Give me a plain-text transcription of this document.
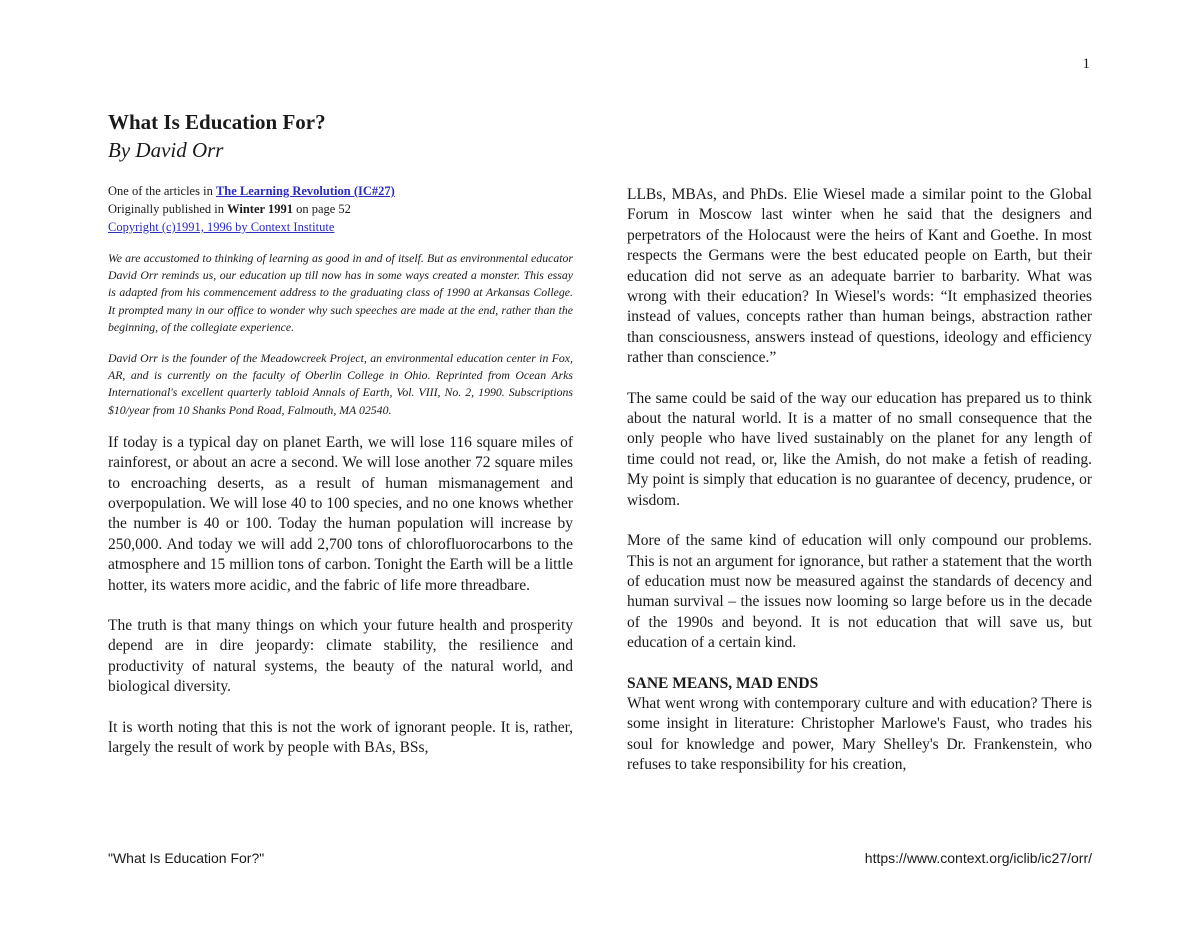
1
What Is Education For?
By David Orr
One of the articles in The Learning Revolution (IC#27)
Originally published in Winter 1991 on page 52
Copyright (c)1991, 1996 by Context Institute

We are accustomed to thinking of learning as good in and of itself. But as environmental educator David Orr reminds us, our education up till now has in some ways created a monster. This essay is adapted from his commencement address to the graduating class of 1990 at Arkansas College. It prompted many in our office to wonder why such speeches are made at the end, rather than the beginning, of the collegiate experience.

David Orr is the founder of the Meadowcreek Project, an environmental education center in Fox, AR, and is currently on the faculty of Oberlin College in Ohio. Reprinted from Ocean Arks International's excellent quarterly tabloid Annals of Earth, Vol. VIII, No. 2, 1990. Subscriptions $10/year from 10 Shanks Pond Road, Falmouth, MA 02540.

If today is a typical day on planet Earth, we will lose 116 square miles of rainforest, or about an acre a second. We will lose another 72 square miles to encroaching deserts, as a result of human mismanagement and overpopulation. We will lose 40 to 100 species, and no one knows whether the number is 40 or 100. Today the human population will increase by 250,000. And today we will add 2,700 tons of chlorofluorocarbons to the atmosphere and 15 million tons of carbon. Tonight the Earth will be a little hotter, its waters more acidic, and the fabric of life more threadbare.

The truth is that many things on which your future health and prosperity depend are in dire jeopardy: climate stability, the resilience and productivity of natural systems, the beauty of the natural world, and biological diversity.

It is worth noting that this is not the work of ignorant people. It is, rather, largely the result of work by people with BAs, BSs,

LLBs, MBAs, and PhDs. Elie Wiesel made a similar point to the Global Forum in Moscow last winter when he said that the designers and perpetrators of the Holocaust were the heirs of Kant and Goethe. In most respects the Germans were the best educated people on Earth, but their education did not serve as an adequate barrier to barbarity. What was wrong with their education? In Wiesel's words: “It emphasized theories instead of values, concepts rather than human beings, abstraction rather than consciousness, answers instead of questions, ideology and efficiency rather than conscience.”

The same could be said of the way our education has prepared us to think about the natural world. It is a matter of no small consequence that the only people who have lived sustainably on the planet for any length of time could not read, or, like the Amish, do not make a fetish of reading. My point is simply that education is no guarantee of decency, prudence, or wisdom.

More of the same kind of education will only compound our problems. This is not an argument for ignorance, but rather a statement that the worth of education must now be measured against the standards of decency and human survival – the issues now looming so large before us in the decade of the 1990s and beyond. It is not education that will save us, but education of a certain kind.

SANE MEANS, MAD ENDS

What went wrong with contemporary culture and with education? There is some insight in literature: Christopher Marlowe's Faust, who trades his soul for knowledge and power, Mary Shelley's Dr. Frankenstein, who refuses to take responsibility for his creation,

"What Is Education For?"	https://www.context.org/iclib/ic27/orr/
